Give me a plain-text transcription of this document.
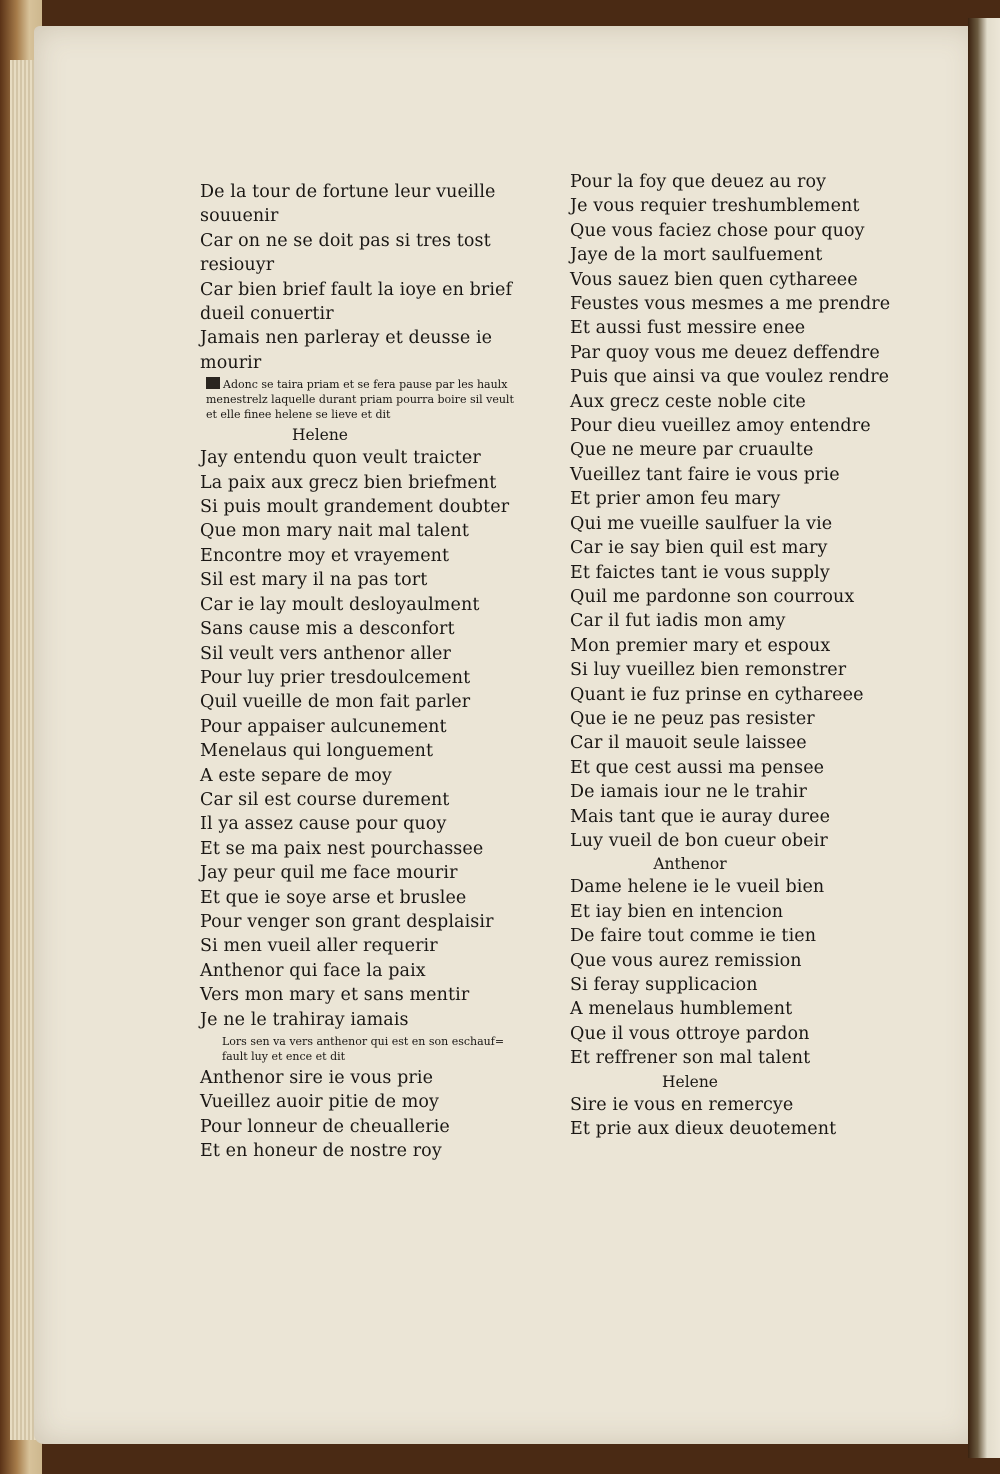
De la tour de fortune leur vueille
souuenir
Car on ne se doit pas si tres tost
resiouyr
Car bien brief fault la ioye en brief
dueil conuertir
Jamais nen parleray et deusse ie
mourir
Adonc se taira priam et se fera pause par les haulx
menestrelz laquelle durant priam pourra boire sil veult
et elle finee helene se lieve et dit
Helene
Jay entendu quon veult traicter
La paix aux grecz bien briefment
Si puis moult grandement doubter
Que mon mary nait mal talent
Encontre moy et vrayement
Sil est mary il na pas tort
Car ie lay moult desloyaulment
Sans cause mis a desconfort
Sil veult vers anthenor aller
Pour luy prier tresdoulcement
Quil vueille de mon fait parler
Pour appaiser aulcunement
Menelaus qui longuement
A este separe de moy
Car sil est course durement
Il ya assez cause pour quoy
Et se ma paix nest pourchassee
Jay peur quil me face mourir
Et que ie soye arse et bruslee
Pour venger son grant desplaisir
Si men vueil aller requerir
Anthenor qui face la paix
Vers mon mary et sans mentir
Je ne le trahiray iamais
Lors sen va vers anthenor qui est en son eschauf=
fault luy et ence et dit
Anthenor sire ie vous prie
Vueillez auoir pitie de moy
Pour lonneur de cheuallerie
Et en honeur de nostre roy
Pour la foy que deuez au roy
Je vous requier treshumblement
Que vous faciez chose pour quoy
Jaye de la mort saulfuement
Vous sauez bien quen cythareee
Feustes vous mesmes a me prendre
Et aussi fust messire enee
Par quoy vous me deuez deffendre
Puis que ainsi va que voulez rendre
Aux grecz ceste noble cite
Pour dieu vueillez amoy entendre
Que ne meure par cruaulte
Vueillez tant faire ie vous prie
Et prier amon feu mary
Qui me vueille saulfuer la vie
Car ie say bien quil est mary
Et faictes tant ie vous supply
Quil me pardonne son courroux
Car il fut iadis mon amy
Mon premier mary et espoux
Si luy vueillez bien remonstrer
Quant ie fuz prinse en cythareee
Que ie ne peuz pas resister
Car il mauoit seule laissee
Et que cest aussi ma pensee
De iamais iour ne le trahir
Mais tant que ie auray duree
Luy vueil de bon cueur obeir
Anthenor
Dame helene ie le vueil bien
Et iay bien en intencion
De faire tout comme ie tien
Que vous aurez remission
Si feray supplicacion
A menelaus humblement
Que il vous ottroye pardon
Et reffrener son mal talent
Helene
Sire ie vous en remercye
Et prie aux dieux deuotement
